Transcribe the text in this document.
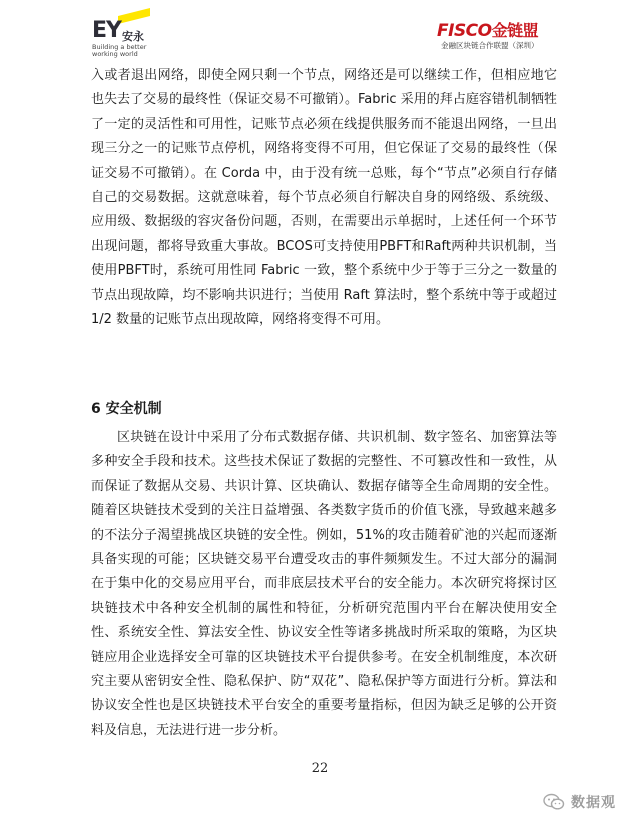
EY 安永
Building a better working world
FISCO金链盟
金融区块链合作联盟（深圳）

入或者退出网络，即使全网只剩一个节点，网络还是可以继续工作，但相应地它也失去了交易的最终性（保证交易不可撤销）。Fabric 采用的拜占庭容错机制牺牲了一定的灵活性和可用性，记账节点必须在线提供服务而不能退出网络，一旦出现三分之一的记账节点停机，网络将变得不可用，但它保证了交易的最终性（保证交易不可撤销）。在 Corda 中，由于没有统一总账，每个“节点”必须自行存储自己的交易数据。这就意味着，每个节点必须自行解决自身的网络级、系统级、应用级、数据级的容灾备份问题，否则，在需要出示单据时，上述任何一个环节出现问题，都将导致重大事故。BCOS可支持使用PBFT和Raft两种共识机制，当使用PBFT时，系统可用性同 Fabric 一致，整个系统中少于等于三分之一数量的节点出现故障，均不影响共识进行；当使用 Raft 算法时，整个系统中等于或超过 1/2 数量的记账节点出现故障，网络将变得不可用。

6 安全机制

区块链在设计中采用了分布式数据存储、共识机制、数字签名、加密算法等多种安全手段和技术。这些技术保证了数据的完整性、不可篡改性和一致性，从而保证了数据从交易、共识计算、区块确认、数据存储等全生命周期的安全性。随着区块链技术受到的关注日益增强、各类数字货币的价值飞涨，导致越来越多的不法分子渴望挑战区块链的安全性。例如，51%的攻击随着矿池的兴起而逐渐具备实现的可能；区块链交易平台遭受攻击的事件频频发生。不过大部分的漏洞在于集中化的交易应用平台，而非底层技术平台的安全能力。本次研究将探讨区块链技术中各种安全机制的属性和特征，分析研究范围内平台在解决使用安全性、系统安全性、算法安全性、协议安全性等诸多挑战时所采取的策略，为区块链应用企业选择安全可靠的区块链技术平台提供参考。在安全机制维度，本次研究主要从密钥安全性、隐私保护、防“双花”、隐私保护等方面进行分析。算法和协议安全性也是区块链技术平台安全的重要考量指标，但因为缺乏足够的公开资料及信息，无法进行进一步分析。

22
数据观
